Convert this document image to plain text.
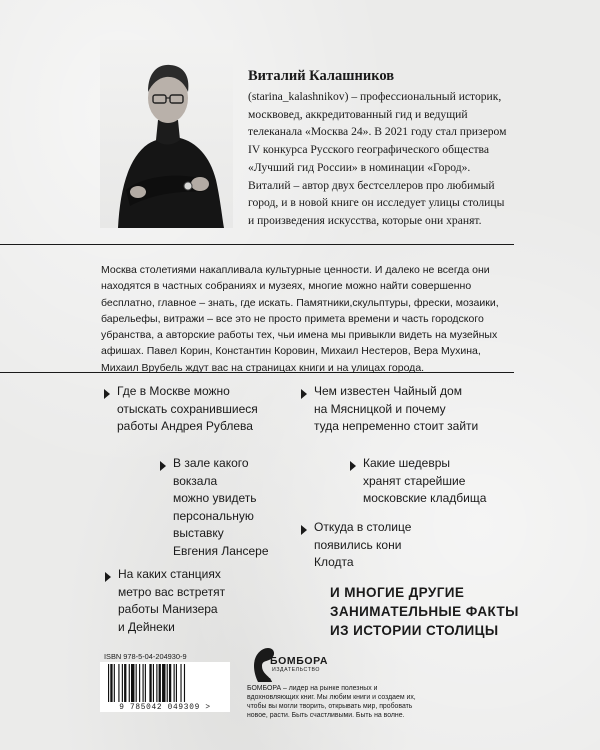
Виталий Калашников
(starina_kalashnikov) – профессиональный историк, москвовед, аккредитованный гид и ведущий телеканала «Москва 24». В 2021 году стал призером IV конкурса Русского географического общества «Лучший гид России» в номинации «Город». Виталий – автор двух бестселлеров про любимый город, и в новой книге он исследует улицы столицы и произведения искусства, которые они хранят.
Москва столетиями накапливала культурные ценности. И далеко не всегда они находятся в частных собраниях и музеях, многие можно найти совершенно бесплатно, главное – знать, где искать. Памятники,скульптуры, фрески, мозаики, барельефы, витражи – все это не просто примета времени и часть городского убранства, а авторские работы тех, чьи имена мы привыкли видеть на музейных афишах. Павел Корин, Константин Коровин, Михаил Нестеров, Вера Мухина, Михаил Врубель ждут вас на страницах книги и на улицах города.
Где в Москве можно
отыскать сохранившиеся
работы Андрея Рублева
В зале какого
вокзала
можно увидеть
персональную
выставку
Евгения Лансере
На каких станциях
метро вас встретят
работы Манизера
и Дейнеки
Чем известен Чайный дом
на Мясницкой и почему
туда непременно стоит зайти
Какие шедевры
хранят старейшие
московские кладбища
Откуда в столице
появились кони
Клодта
И МНОГИЕ ДРУГИЕ ЗАНИМАТЕЛЬНЫЕ ФАКТЫ ИЗ ИСТОРИИ СТОЛИЦЫ
ISBN 978-5-04-204930-9
9 785042 049309 >
БОМБОРА
ИЗДАТЕЛЬСТВО
БОМБОРА – лидер на рынке полезных и вдохновляющих книг. Мы любим книги и создаем их, чтобы вы могли творить, открывать мир, пробовать новое, расти. Быть счастливыми. Быть на волне.
